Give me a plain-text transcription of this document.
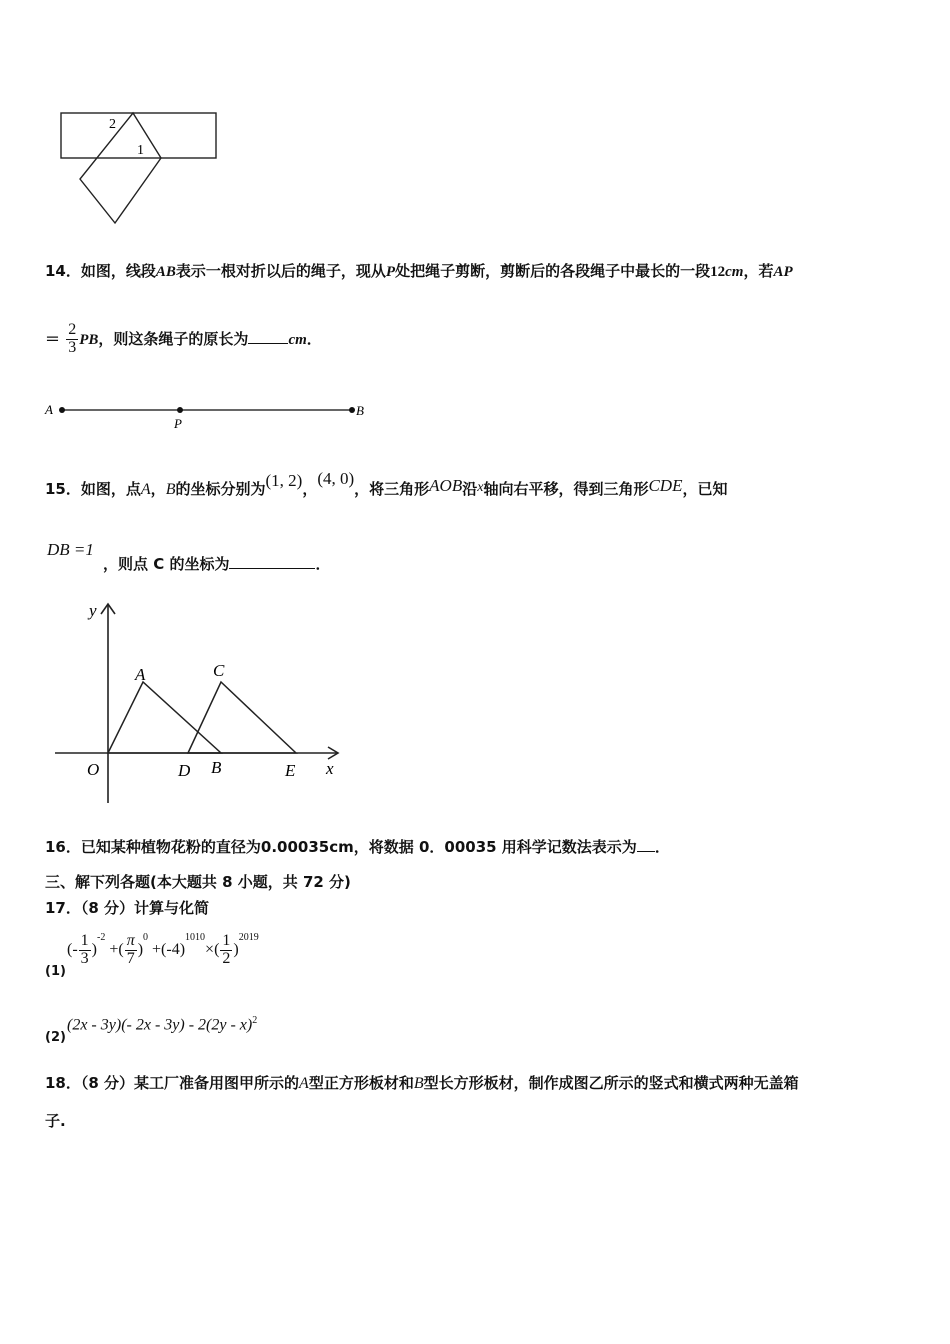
2
1
14．如图，线段AB表示一根对折以后的绳子，现从P处把绳子剪断，剪断后的各段绳子中最长的一段12cm，若AP
＝ $\frac{2}{3}$ PB，则这条绳子的原长为	cm．
A
P
B
15．如图，点A，B的坐标分别为(1, 2)，(4, 0)，将三角形AOB沿x轴向右平移，得到三角形CDE，已知
DB =1
，则点 C 的坐标为	．
y
x
O
A	C
D B	E
16．已知某种植物花粉的直径为0.00035cm，将数据 0．00035 用科学记数法表示为 ．
三、解下列各题(本大题共 8 小题，共 72 分)
17．（8 分）计算与化简
$_{(1)}$
(- $\frac{1}{3} )^{-2}$ +( $\frac{\pi}{7} )^0 +(-4)^{1010}\times( \frac{1}{2} )^{2019}$
(2)
(2x - 3y)(- 2x - 3y) - 2(2y - x)$^2$
18．（8 分）某工厂准备用图甲所示的A型正方形板材和B型长方形板材，制作成图乙所示的竖式和横式两种无盖箱
子.
